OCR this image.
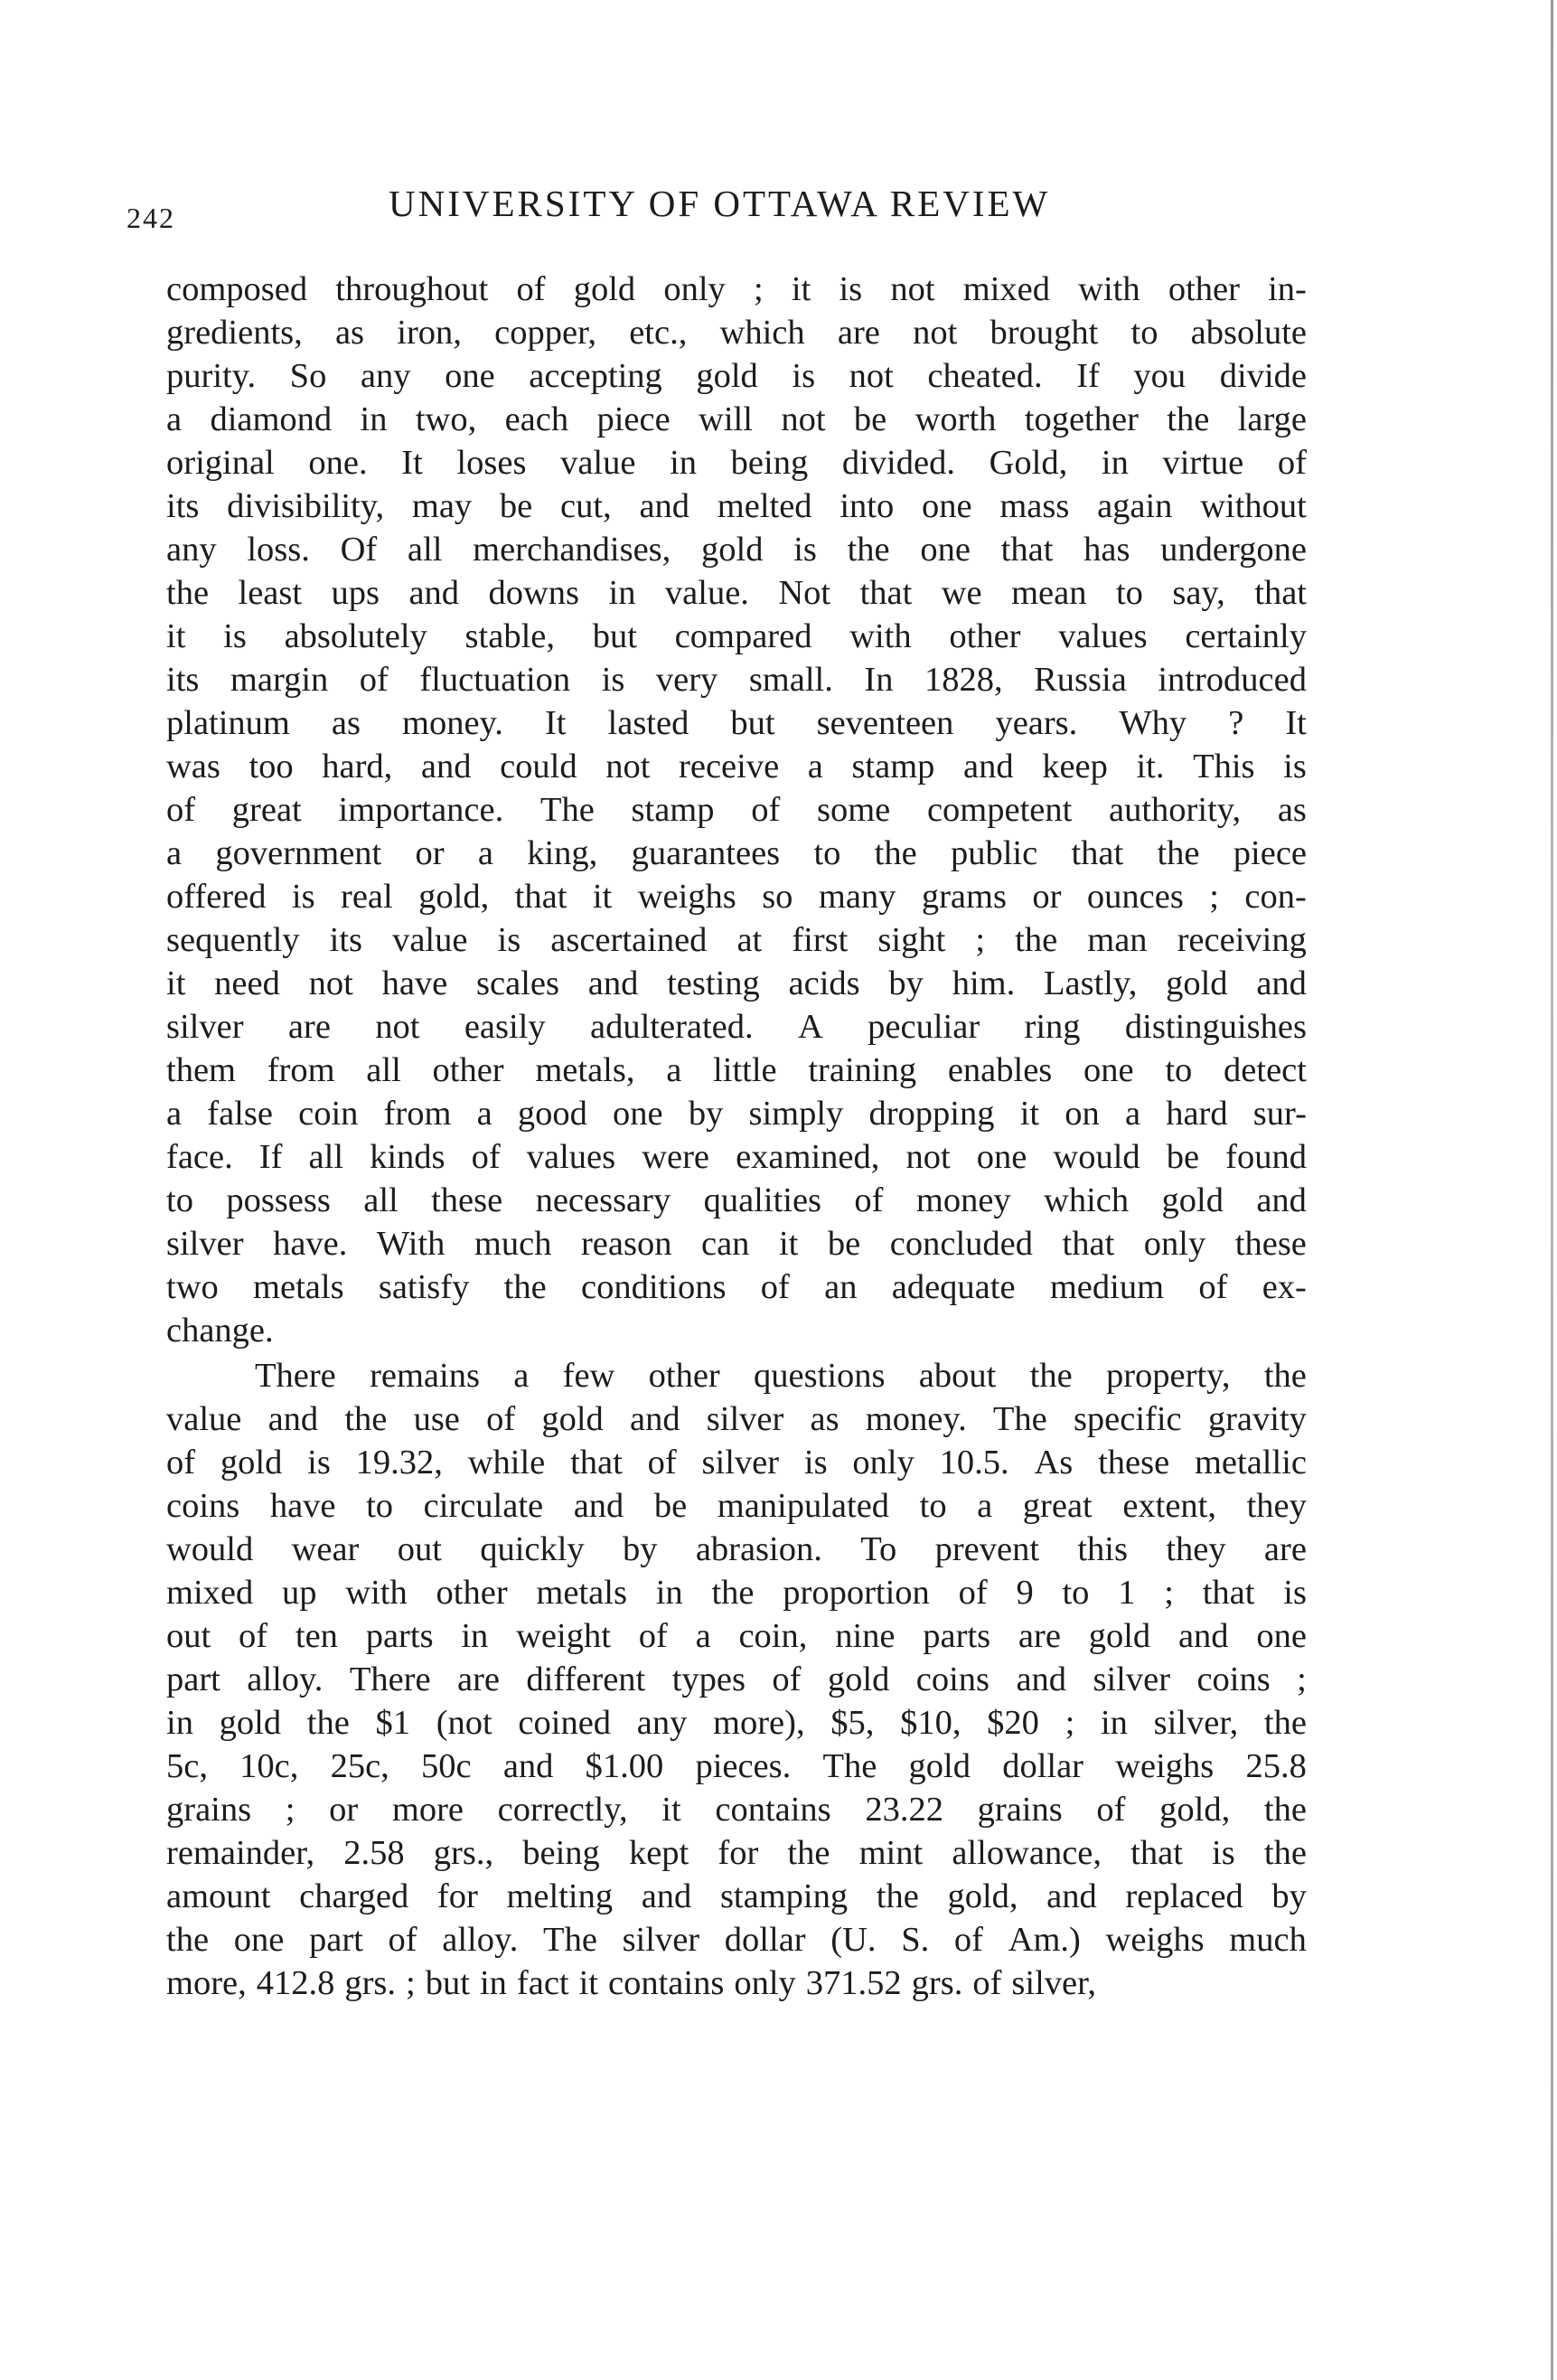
242	UNIVERSITY OF OTTAWA REVIEW
composed throughout of gold only ; it is not mixed with other in-
gredients, as iron, copper, etc., which are not brought to absolute
purity. So any one accepting gold is not cheated. If you divide
a diamond in two, each piece will not be worth together the large
original one. It loses value in being divided. Gold, in virtue of
its divisibility, may be cut, and melted into one mass again without
any loss. Of all merchandises, gold is the one that has undergone
the least ups and downs in value. Not that we mean to say, that
it is absolutely stable, but compared with other values certainly
its margin of fluctuation is very small. In 1828, Russia introduced
platinum as money. It lasted but seventeen years. Why ? It
was too hard, and could not receive a stamp and keep it. This is
of great importance. The stamp of some competent authority, as
a government or a king, guarantees to the public that the piece
offered is real gold, that it weighs so many grams or ounces ; con-
sequently its value is ascertained at first sight ; the man receiving
it need not have scales and testing acids by him. Lastly, gold and
silver are not easily adulterated. A peculiar ring distinguishes
them from all other metals, a little training enables one to detect
a false coin from a good one by simply dropping it on a hard sur-
face. If all kinds of values were examined, not one would be found
to possess all these necessary qualities of money which gold and
silver have. With much reason can it be concluded that only these
two metals satisfy the conditions of an adequate medium of ex-
change.
There remains a few other questions about the property, the
value and the use of gold and silver as money. The specific gravity
of gold is 19.32, while that of silver is only 10.5. As these metallic
coins have to circulate and be manipulated to a great extent, they
would wear out quickly by abrasion. To prevent this they are
mixed up with other metals in the proportion of 9 to 1 ; that is
out of ten parts in weight of a coin, nine parts are gold and one
part alloy. There are different types of gold coins and silver coins ;
in gold the $1 (not coined any more), $5, $10, $20 ; in silver, the
5c, 10c, 25c, 50c and $1.00 pieces. The gold dollar weighs 25.8
grains ; or more correctly, it contains 23.22 grains of gold, the
remainder, 2.58 grs., being kept for the mint allowance, that is the
amount charged for melting and stamping the gold, and replaced by
the one part of alloy. The silver dollar (U. S. of Am.) weighs much
more, 412.8 grs. ; but in fact it contains only 371.52 grs. of silver,
